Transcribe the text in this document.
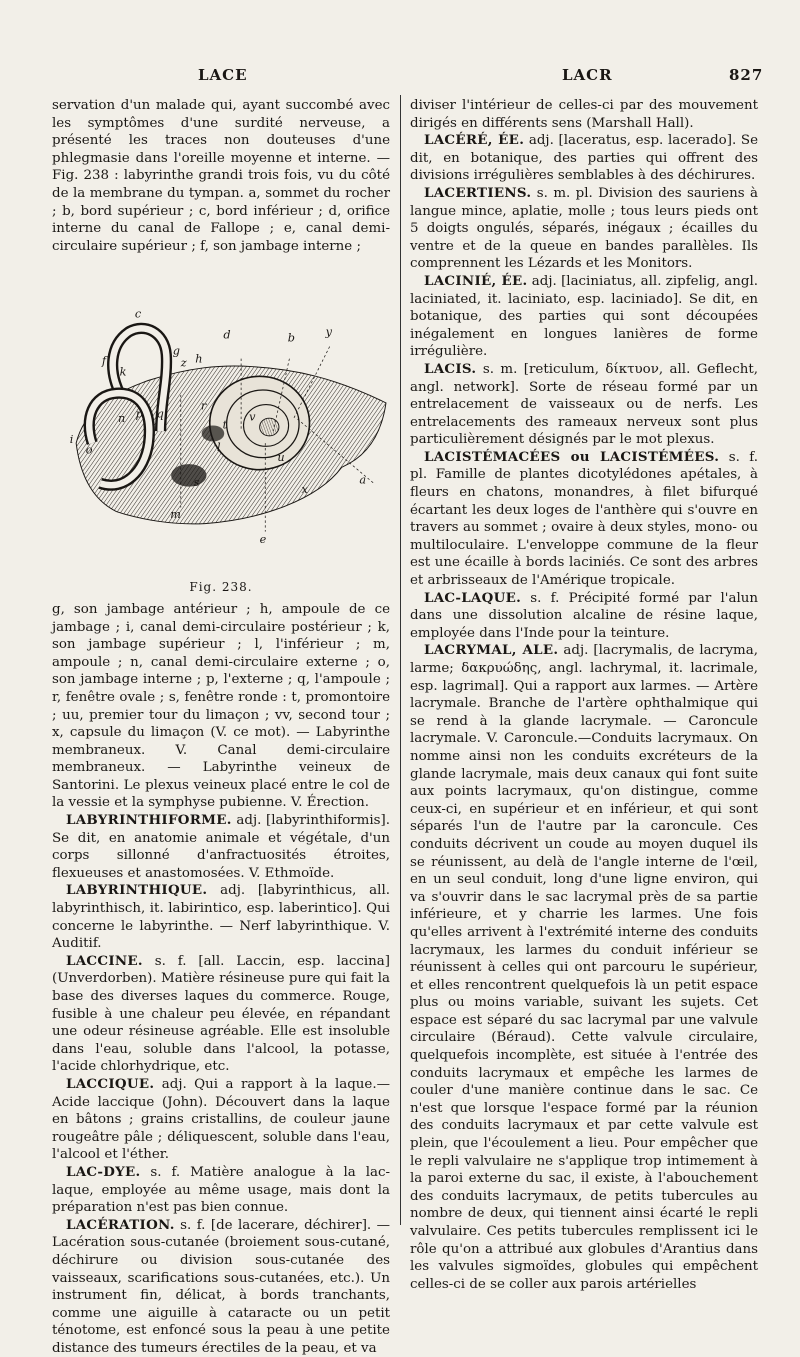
LACE	LACR	827

servation d'un malade qui, ayant succombé avec les symptômes d'une surdité nerveuse, a présenté les traces non douteuses d'une phlegmasie dans l'oreille moyenne et interne. — Fig. 238 : labyrinthe grandi trois fois, vu du côté de la membrane du tympan. a, sommet du rocher ; b, bord supérieur ; c, bord inférieur ; d, orifice interne du canal de Fallope ; e, canal demi-circulaire supérieur ; f, son jambage interne ;

c
g
d	b y
f	z h
k
n p q
r
t
v
u
l
i
o
s	a
x
m
e
Fig. 238.

g, son jambage antérieur ; h, ampoule de ce jambage ; i, canal demi-circulaire postérieur ; k, son jambage supérieur ; l, l'inférieur ; m, ampoule ; n, canal demi-circulaire externe ; o, son jambage interne ; p, l'externe ; q, l'ampoule ; r, fenêtre ovale ; s, fenêtre ronde : t, promontoire ; uu, premier tour du limaçon ; vv, second tour ; x, capsule du limaçon (V. ce mot). — Labyrinthe membraneux. V. Canal demi-circulaire membraneux. — Labyrinthe veineux de Santorini. Le plexus veineux placé entre le col de la vessie et la symphyse pubienne. V. Érection.

LABYRINTHIFORME. adj. [labyrinthiformis]. Se dit, en anatomie animale et végétale, d'un corps sillonné d'anfractuosités étroites, flexueuses et anastomosées. V. Ethmoïde.

LABYRINTHIQUE. adj. [labyrinthicus, all. labyrinthisch, it. labirintico, esp. laberintico]. Qui concerne le labyrinthe. — Nerf labyrinthique. V. Auditif.

LACCINE. s. f. [all. Laccin, esp. laccina] (Unverdorben). Matière résineuse pure qui fait la base des diverses laques du commerce. Rouge, fusible à une chaleur peu élevée, en répandant une odeur résineuse agréable. Elle est insoluble dans l'eau, soluble dans l'alcool, la potasse, l'acide chlorhydrique, etc.

LACCIQUE. adj. Qui a rapport à la laque.— Acide laccique (John). Découvert dans la laque en bâtons ; grains cristallins, de couleur jaune rougeâtre pâle ; déliquescent, soluble dans l'eau, l'alcool et l'éther.

LAC-DYE. s. f. Matière analogue à la lac-laque, employée au même usage, mais dont la préparation n'est pas bien connue.

LACÉRATION. s. f. [de lacerare, déchirer]. — Lacération sous-cutanée (broiement sous-cutané, déchirure ou division sous-cutanée des vaisseaux, scarifications sous-cutanées, etc.). Un instrument fin, délicat, à bords tranchants, comme une aiguille à cataracte ou un petit ténotome, est enfoncé sous la peau à une petite distance des tumeurs érectiles de la peau, et va

diviser l'intérieur de celles-ci par des mouvement dirigés en différents sens (Marshall Hall).

LACÉRÉ, ÉE. adj. [laceratus, esp. lacerado]. Se dit, en botanique, des parties qui offrent des divisions irrégulières semblables à des déchirures.

LACERTIENS. s. m. pl. Division des sauriens à langue mince, aplatie, molle ; tous leurs pieds ont 5 doigts ongulés, séparés, inégaux ; écailles du ventre et de la queue en bandes parallèles. Ils comprennent les Lézards et les Monitors.

LACINIÉ, ÉE. adj. [laciniatus, all. zipfelig, angl. laciniated, it. laciniato, esp. laciniado]. Se dit, en botanique, des parties qui sont découpées inégalement en longues lanières de forme irrégulière.

LACIS. s. m. [reticulum, δίκτυον, all. Geflecht, angl. network]. Sorte de réseau formé par un entrelacement de vaisseaux ou de nerfs. Les entrelacements des rameaux nerveux sont plus particulièrement désignés par le mot plexus.

LACISTÉMACÉES ou LACISTÉMÉES. s. f. pl. Famille de plantes dicotylédones apétales, à fleurs en chatons, monandres, à filet bifurqué écartant les deux loges de l'anthère qui s'ouvre en travers au sommet ; ovaire à deux styles, mono- ou multiloculaire. L'enveloppe commune de la fleur est une écaille à bords laciniés. Ce sont des arbres et arbrisseaux de l'Amérique tropicale.

LAC-LAQUE. s. f. Précipité formé par l'alun dans une dissolution alcaline de résine laque, employée dans l'Inde pour la teinture.

LACRYMAL, ALE. adj. [lacrymalis, de lacryma, larme; δακρυώδης, angl. lachrymal, it. lacrimale, esp. lagrimal]. Qui a rapport aux larmes. — Artère lacrymale. Branche de l'artère ophthalmique qui se rend à la glande lacrymale. — Caroncule lacrymale. V. Caroncule.—Conduits lacrymaux. On nomme ainsi non les conduits excréteurs de la glande lacrymale, mais deux canaux qui font suite aux points lacrymaux, qu'on distingue, comme ceux-ci, en supérieur et en inférieur, et qui sont séparés l'un de l'autre par la caroncule. Ces conduits décrivent un coude au moyen duquel ils se réunissent, au delà de l'angle interne de l'œil, en un seul conduit, long d'une ligne environ, qui va s'ouvrir dans le sac lacrymal près de sa partie inférieure, et y charrie les larmes. Une fois qu'elles arrivent à l'extrémité interne des conduits lacrymaux, les larmes du conduit inférieur se réunissent à celles qui ont parcouru le supérieur, et elles rencontrent quelquefois là un petit espace plus ou moins variable, suivant les sujets. Cet espace est séparé du sac lacrymal par une valvule circulaire (Béraud). Cette valvule circulaire, quelquefois incomplète, est située à l'entrée des conduits lacrymaux et empêche les larmes de couler d'une manière continue dans le sac. Ce n'est que lorsque l'espace formé par la réunion des conduits lacrymaux et par cette valvule est plein, que l'écoulement a lieu. Pour empêcher que le repli valvulaire ne s'applique trop intimement à la paroi externe du sac, il existe, à l'abouchement des conduits lacrymaux, de petits tubercules au nombre de deux, qui tiennent ainsi écarté le repli valvulaire. Ces petits tubercules remplissent ici le rôle qu'on a attribué aux globules d'Arantius dans les valvules sigmoïdes, globules qui empêchent celles-ci de se coller aux parois artérielles
